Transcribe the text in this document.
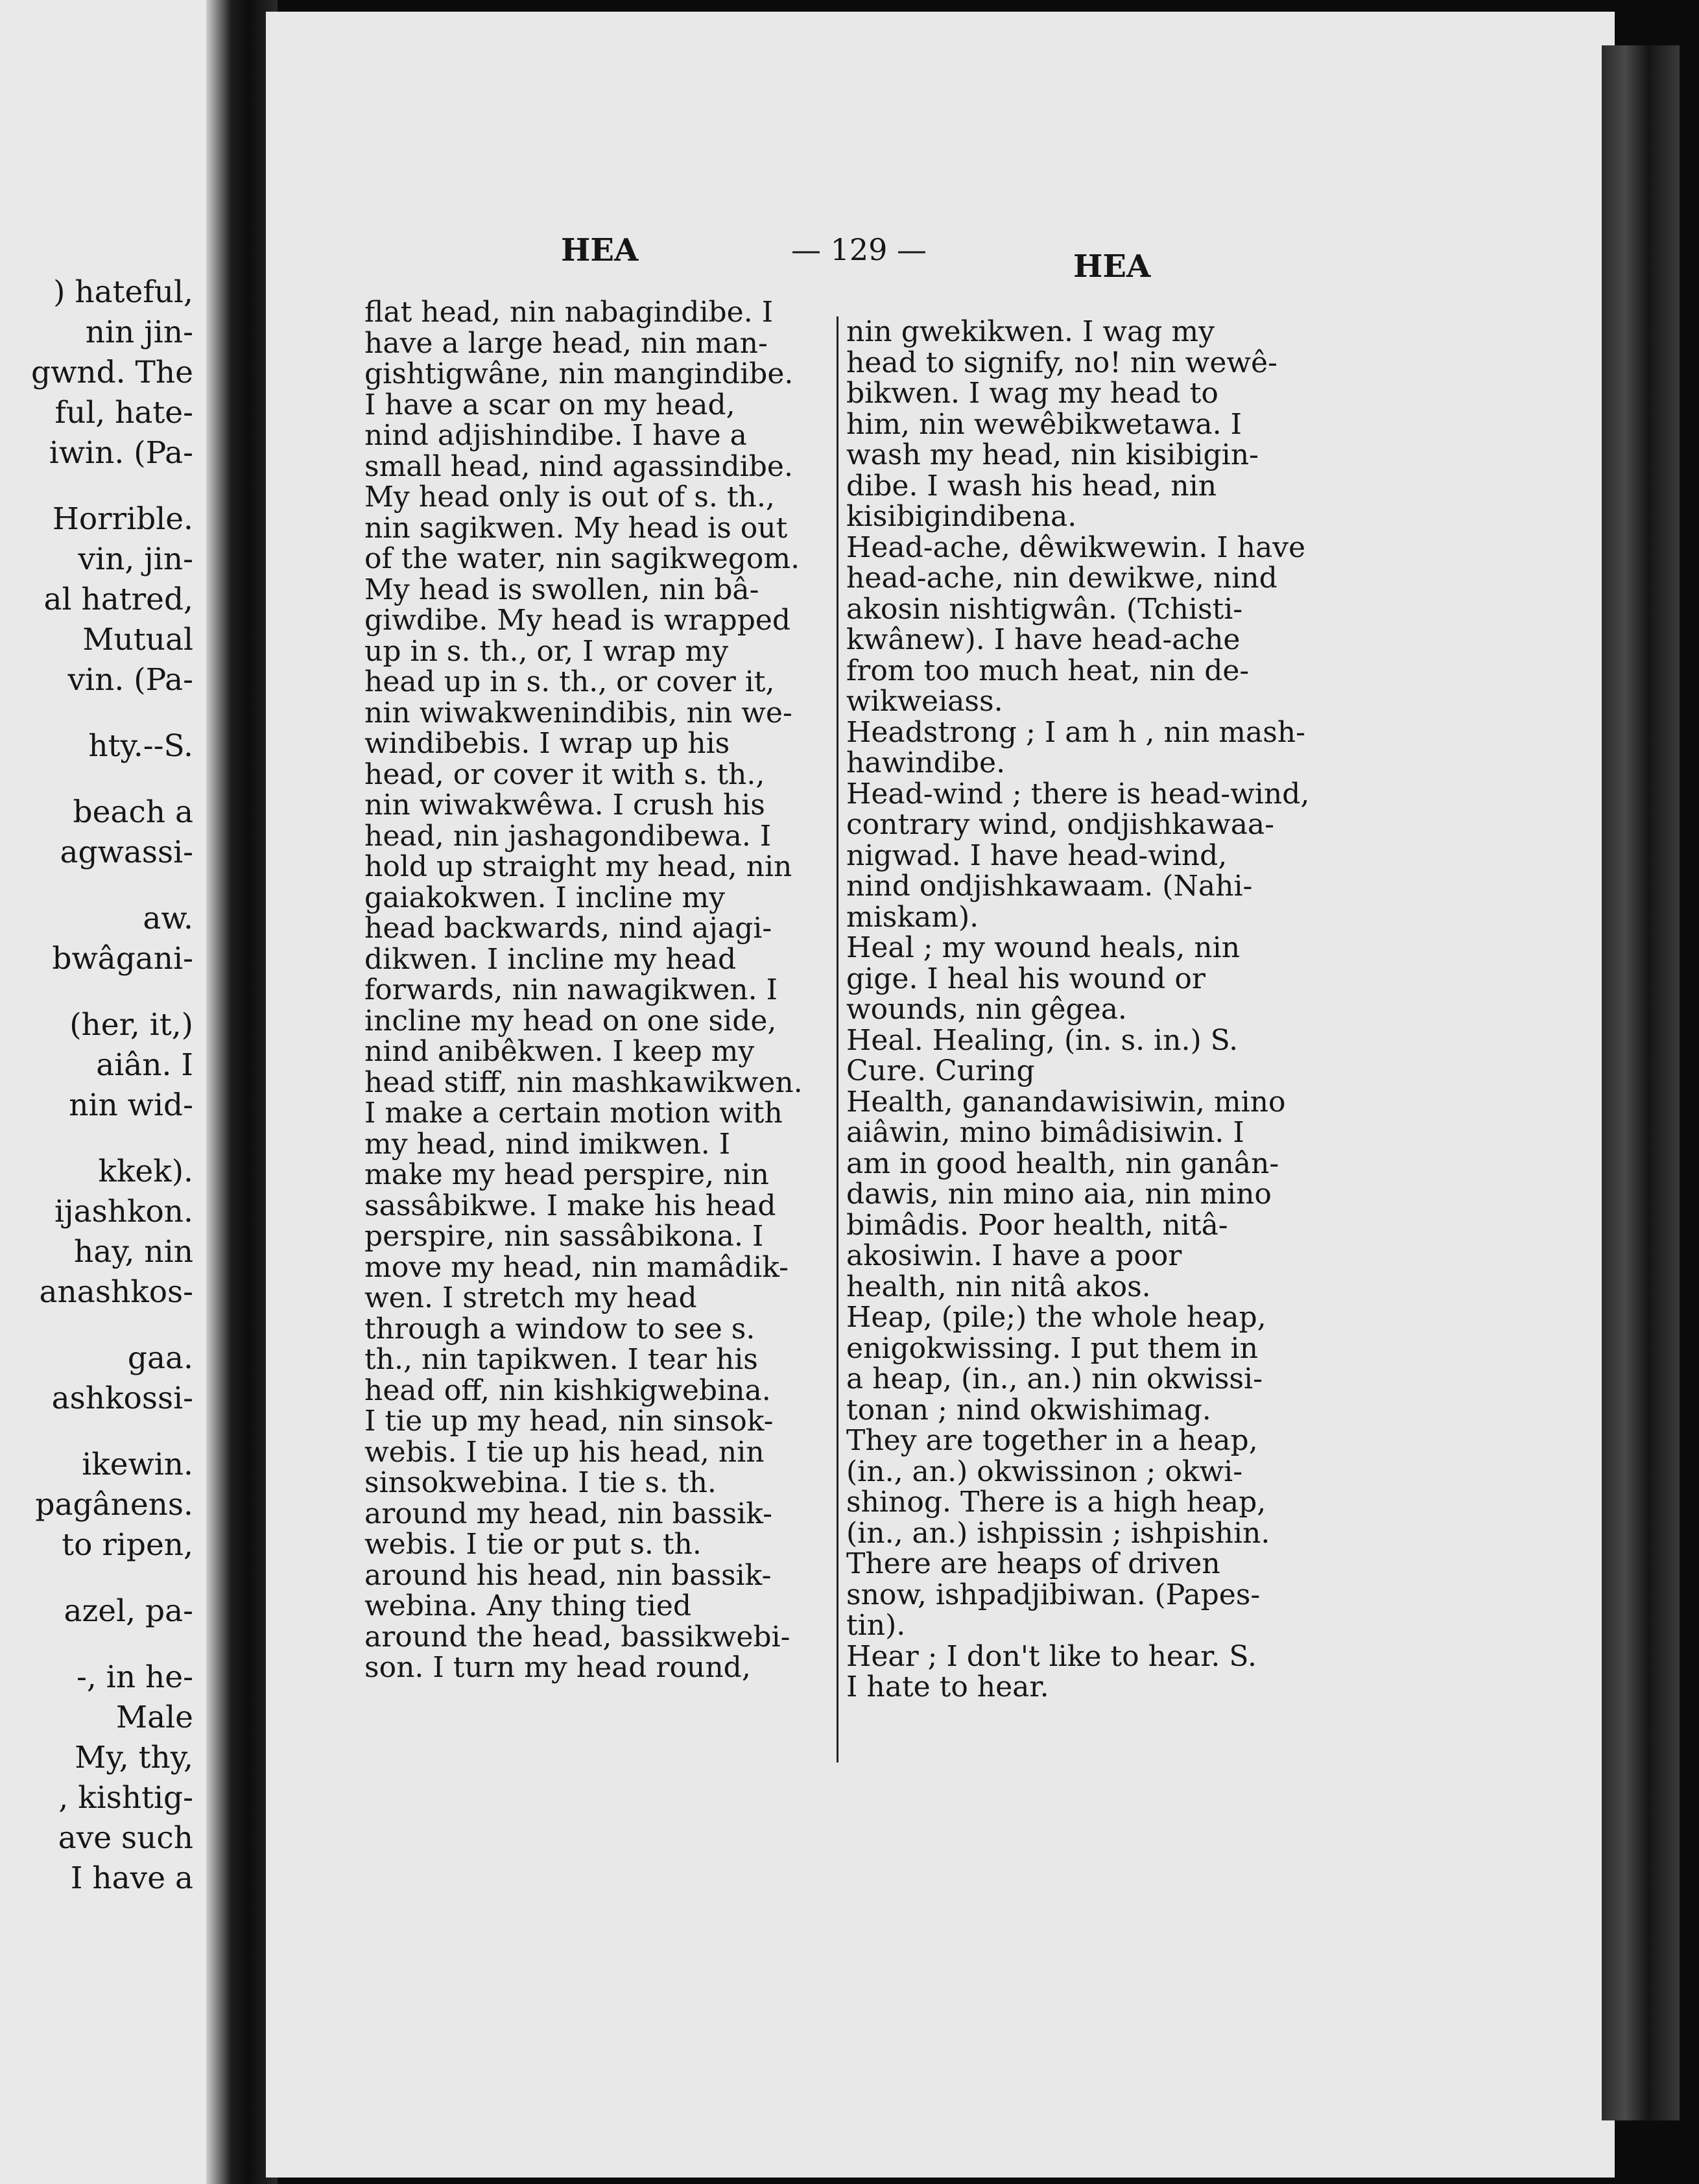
) hateful,
nin jin-
gwnd. The
ful, hate-
iwin. (Pa-
Horrible.
vin, jin-
al hatred,
Mutual
vin. (Pa-
hty.--S.
beach a
agwassi-
aw.
bwâgani-
(her, it,)
aiân. I
nin wid-
kkek).
ijashkon.
hay, nin
anashkos-
gaa.
ashkossi-
ikewin.
pagânens.
to ripen,
azel, pa-
-, in he-
Male
My, thy,
, kishtig-
ave such
I have a
HEA	— 129 —	HEA
flat head, nin nabagindibe. I
have a large head, nin man-
gishtigwâne, nin mangindibe.
I have a scar on my head,
nind adjishindibe. I have a
small head, nind agassindibe.
My head only is out of s. th.,
nin sagikwen. My head is out
of the water, nin sagikwegom.
My head is swollen, nin bâ-
giwdibe. My head is wrapped
up in s. th., or, I wrap my
head up in s. th., or cover it,
nin wiwakwenindibis, nin we-
windibebis. I wrap up his
head, or cover it with s. th.,
nin wiwakwêwa. I crush his
head, nin jashagondibewa. I
hold up straight my head, nin
gaiakokwen. I incline my
head backwards, nind ajagi-
dikwen. I incline my head
forwards, nin nawagikwen. I
incline my head on one side,
nind anibêkwen. I keep my
head stiff, nin mashkawikwen.
I make a certain motion with
my head, nind imikwen. I
make my head perspire, nin
sassâbikwe. I make his head
perspire, nin sassâbikona. I
move my head, nin mamâdik-
wen. I stretch my head
through a window to see s.
th., nin tapikwen. I tear his
head off, nin kishkigwebina.
I tie up my head, nin sinsok-
webis. I tie up his head, nin
sinsokwebina. I tie s. th.
around my head, nin bassik-
webis. I tie or put s. th.
around his head, nin bassik-
webina. Any thing tied
around the head, bassikwebi-
son. I turn my head round,
nin gwekikwen. I wag my
head to signify, no! nin wewê-
bikwen. I wag my head to
him, nin wewêbikwetawa. I
wash my head, nin kisibigin-
dibe. I wash his head, nin
kisibigindibena.
Head-ache, dêwikwewin. I have
head-ache, nin dewikwe, nind
akosin nishtigwân. (Tchisti-
kwânew). I have head-ache
from too much heat, nin de-
wikweiass.
Headstrong ; I am h , nin mash-
hawindibe.
Head-wind ; there is head-wind,
contrary wind, ondjishkawaa-
nigwad. I have head-wind,
nind ondjishkawaam. (Nahi-
miskam).
Heal ; my wound heals, nin
gige. I heal his wound or
wounds, nin gêgea.
Heal. Healing, (in. s. in.) S.
Cure. Curing
Health, ganandawisiwin, mino
aiâwin, mino bimâdisiwin. I
am in good health, nin ganân-
dawis, nin mino aia, nin mino
bimâdis. Poor health, nitâ-
akosiwin. I have a poor
health, nin nitâ akos.
Heap, (pile;) the whole heap,
enigokwissing. I put them in
a heap, (in., an.) nin okwissi-
tonan ; nind okwishimag.
They are together in a heap,
(in., an.) okwissinon ; okwi-
shinog. There is a high heap,
(in., an.) ishpissin ; ishpishin.
There are heaps of driven
snow, ishpadjibiwan. (Papes-
tin).
Hear ; I don't like to hear. S.
I hate to hear.
